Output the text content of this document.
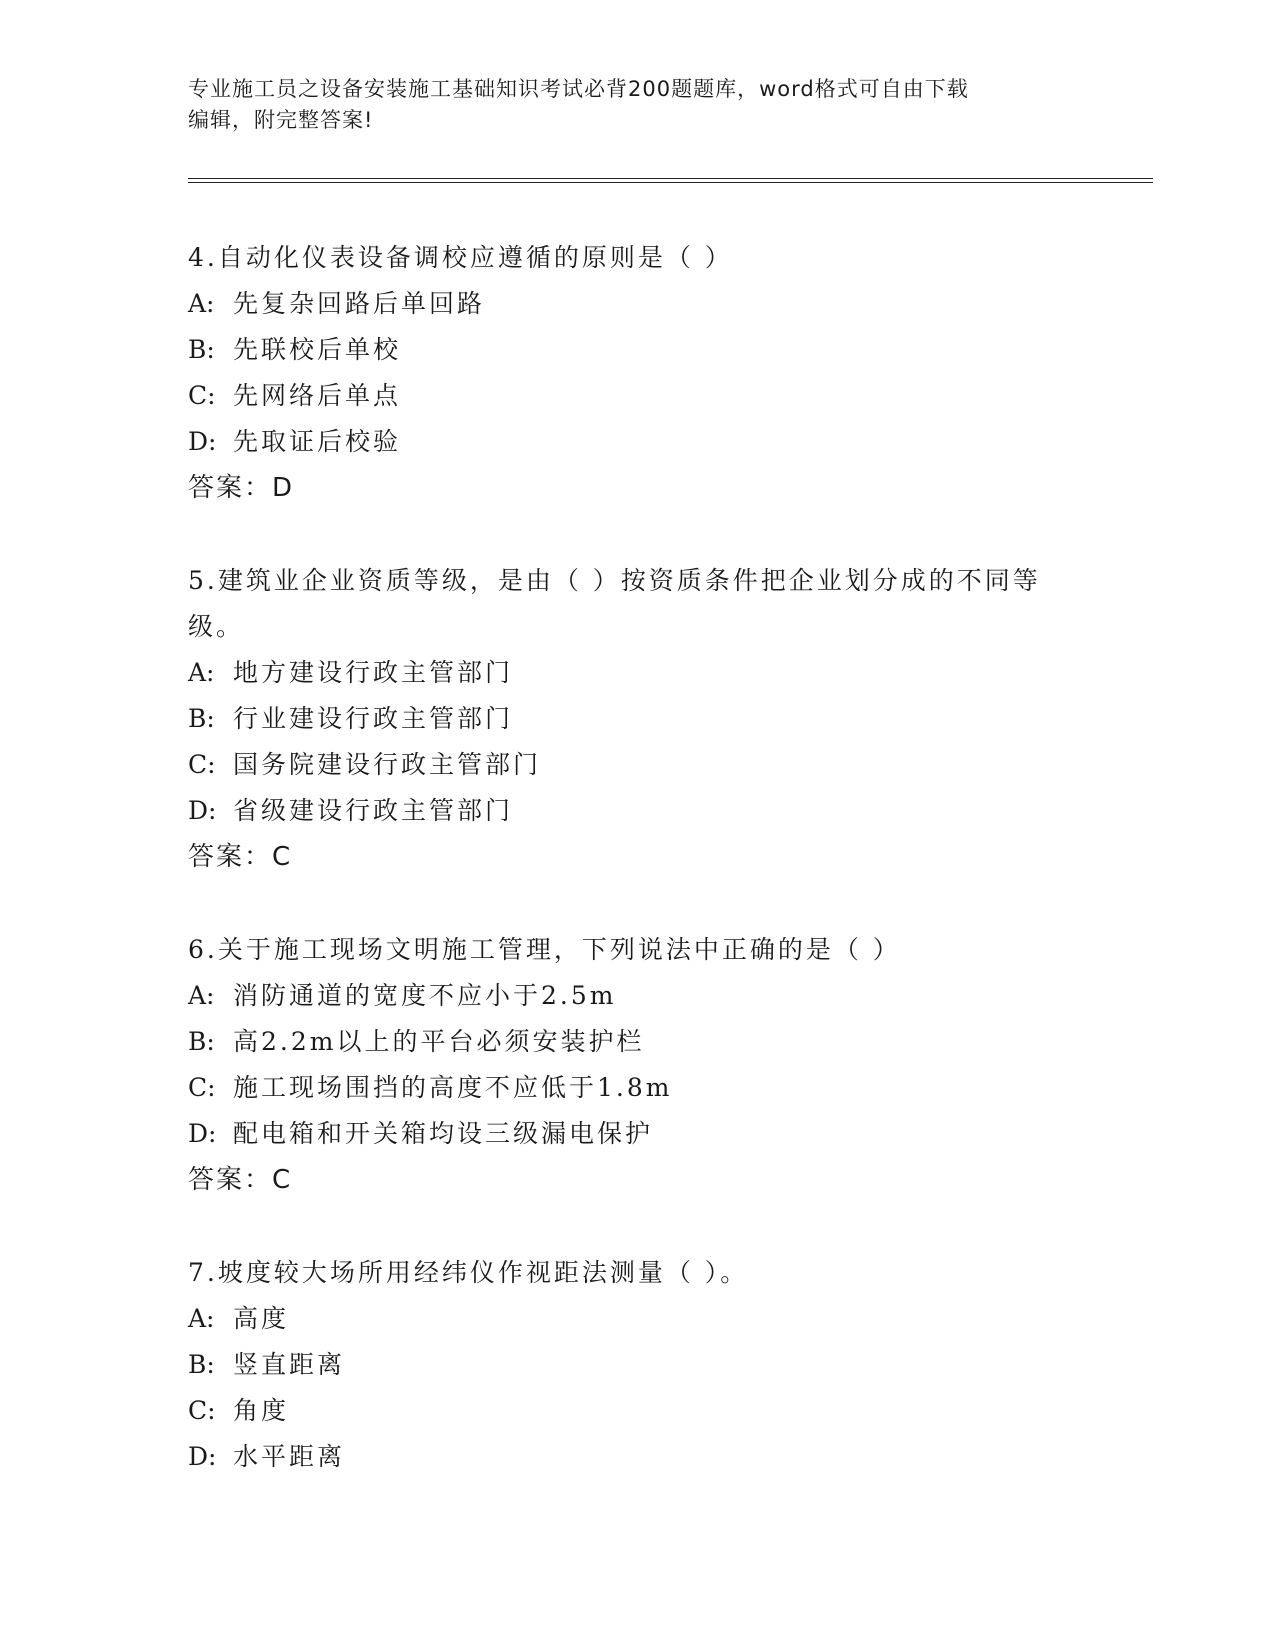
专业施工员之设备安装施工基础知识考试必背200题题库，word格式可自由下载
编辑，附完整答案!
4.自动化仪表设备调校应遵循的原则是（ ）
A: 先复杂回路后单回路
B: 先联校后单校
C: 先网络后单点
D: 先取证后校验
答案：D
5.建筑业企业资质等级，是由（ ）按资质条件把企业划分成的不同等
级。
A: 地方建设行政主管部门
B: 行业建设行政主管部门
C: 国务院建设行政主管部门
D: 省级建设行政主管部门
答案：C
6.关于施工现场文明施工管理，下列说法中正确的是（ ）
A: 消防通道的宽度不应小于2.5m
B: 高2.2m以上的平台必须安装护栏
C: 施工现场围挡的高度不应低于1.8m
D: 配电箱和开关箱均设三级漏电保护
答案：C
7.坡度较大场所用经纬仪作视距法测量（ ）。
A: 高度
B: 竖直距离
C: 角度
D: 水平距离
